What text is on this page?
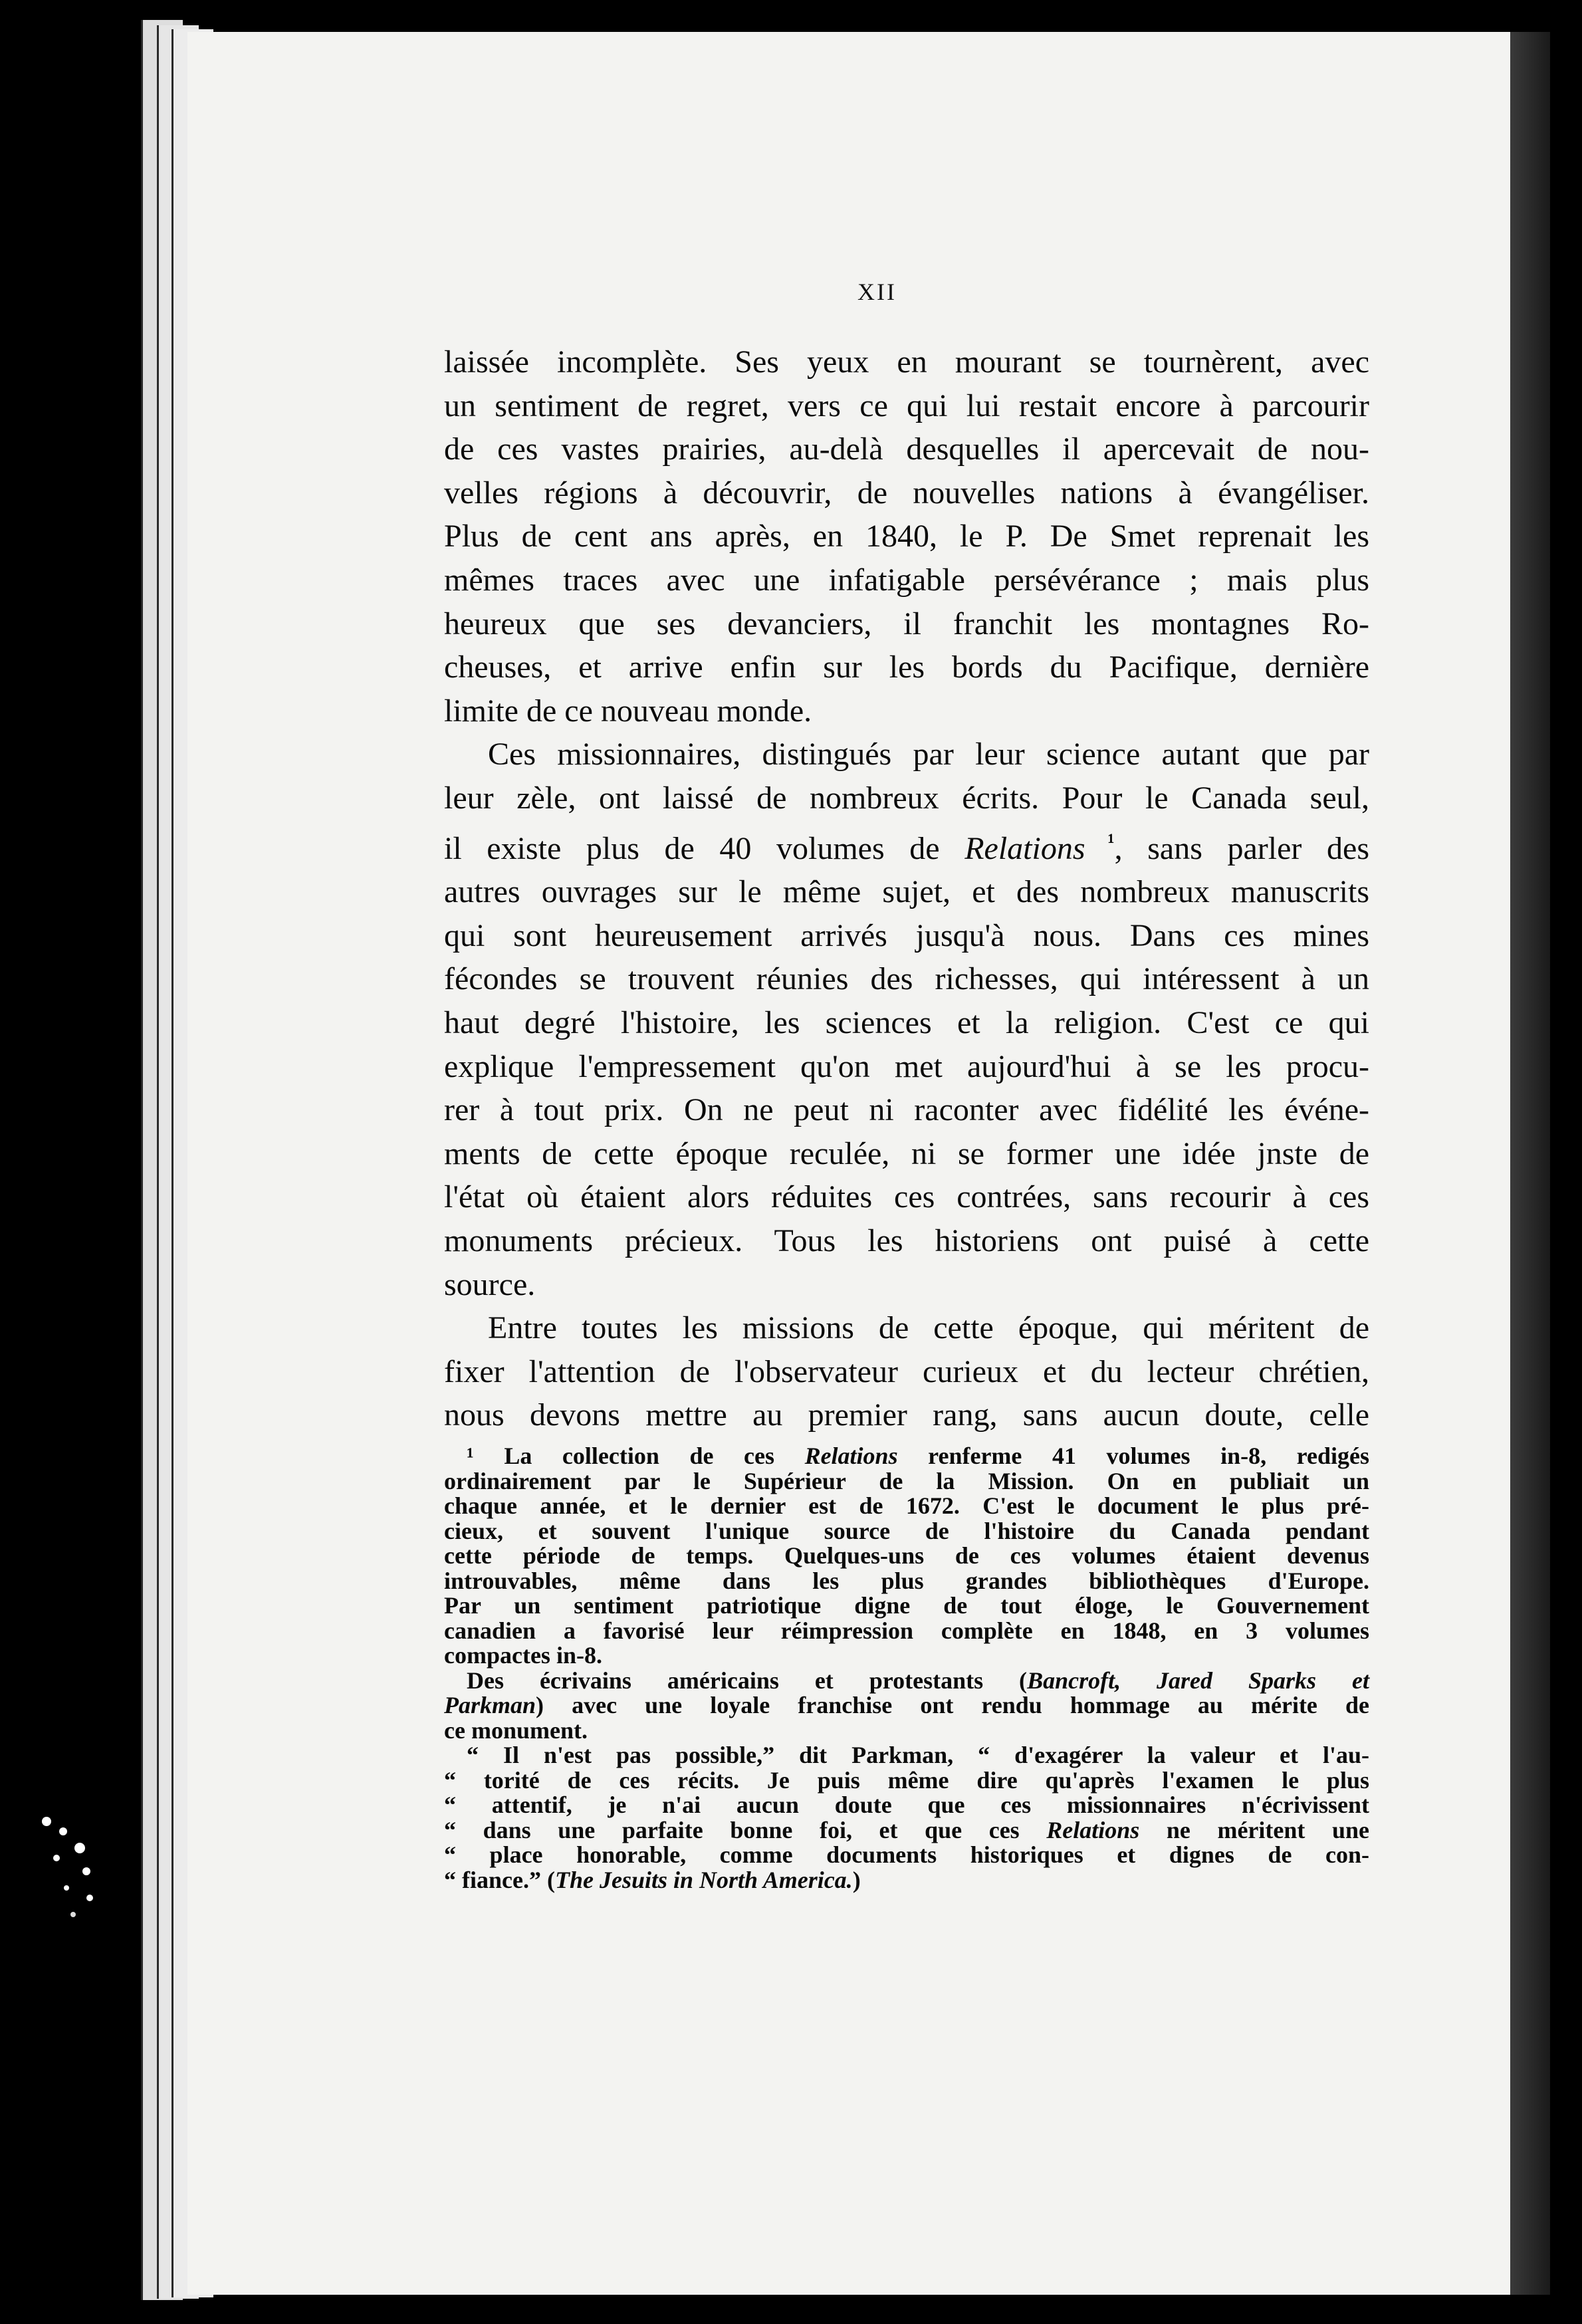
XII
laissée incomplète. Ses yeux en mourant se tournèrent, avec
un sentiment de regret, vers ce qui lui restait encore à parcourir
de ces vastes prairies, au-delà desquelles il apercevait de nou-
velles régions à découvrir, de nouvelles nations à évangéliser.
Plus de cent ans après, en 1840, le P. De Smet reprenait les
mêmes traces avec une infatigable persévérance ; mais plus
heureux que ses devanciers, il franchit les montagnes Ro-
cheuses, et arrive enfin sur les bords du Pacifique, dernière
limite de ce nouveau monde.
Ces missionnaires, distingués par leur science autant que par
leur zèle, ont laissé de nombreux écrits. Pour le Canada seul,
il existe plus de 40 volumes de Relations $^{^1}$, sans parler des
autres ouvrages sur le même sujet, et des nombreux manuscrits
qui sont heureusement arrivés jusqu'à nous. Dans ces mines
fécondes se trouvent réunies des richesses, qui intéressent à un
haut degré l'histoire, les sciences et la religion. C'est ce qui
explique l'empressement qu'on met aujourd'hui à se les procu-
rer à tout prix. On ne peut ni raconter avec fidélité les événe-
ments de cette époque reculée, ni se former une idée jnste de
l'état où étaient alors réduites ces contrées, sans recourir à ces
monuments précieux. Tous les historiens ont puisé à cette
source.
Entre toutes les missions de cette époque, qui méritent de
fixer l'attention de l'observateur curieux et du lecteur chrétien,
nous devons mettre au premier rang, sans aucun doute, celle
¹ La collection de ces Relations renferme 41 volumes in-8, redigés
ordinairement par le Supérieur de la Mission. On en publiait un
chaque année, et le dernier est de 1672. C'est le document le plus pré-
cieux, et souvent l'unique source de l'histoire du Canada pendant
cette période de temps. Quelques-uns de ces volumes étaient devenus
introuvables, même dans les plus grandes bibliothèques d'Europe.
Par un sentiment patriotique digne de tout éloge, le Gouvernement
canadien a favorisé leur réimpression complète en 1848, en 3 volumes
compactes in-8.
Des écrivains américains et protestants (Bancroft, Jared Sparks et
Parkman) avec une loyale franchise ont rendu hommage au mérite de
ce monument.
“ Il n'est pas possible,” dit Parkman, “ d'exagérer la valeur et l'au-
“ torité de ces récits. Je puis même dire qu'après l'examen le plus
“ attentif, je n'ai aucun doute que ces missionnaires n'écrivissent
“ dans une parfaite bonne foi, et que ces Relations ne méritent une
“ place honorable, comme documents historiques et dignes de con-
“ fiance.” (The Jesuits in North America.)
